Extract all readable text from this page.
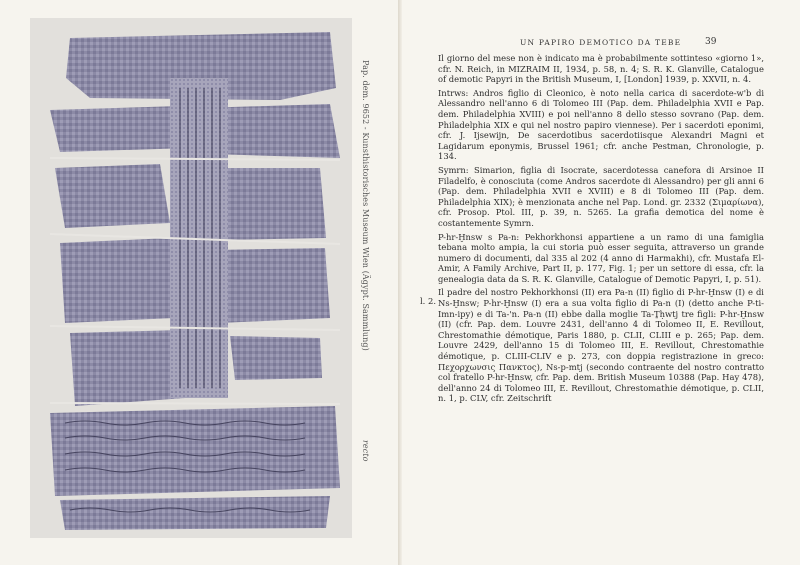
Pap. dem. 9652 - Kunsthistorisches Museum Wien (Ägypt. Sammlung)
recto
UN PAPIRO DEMOTICO DA TEBE	39
l. 2.

Il giorno del mese non è indicato ma è probabilmente sottinteso «giorno 1», cfr. N. Reich, in MIZRAIM II, 1934, p. 58, n. 4; S. R. K. Glanville, Catalogue of demotic Papyri in the British Museum, I, [London] 1939, p. XXVII, n. 4.

Intrws: Andros figlio di Cleonico, è noto nella carica di sacerdote-w'b di Alessandro nell'anno 6 di Tolomeo III (Pap. dem. Philadelphia XVII e Pap. dem. Philadelphia XVIII) e poi nell'anno 8 dello stesso sovrano (Pap. dem. Philadelphia XIX e qui nel nostro papiro viennese). Per i sacerdoti eponimi, cfr. J. Ijsewijn, De sacerdotibus sacerdotiisque Alexandri Magni et Lagidarum eponymis, Brussel 1961; cfr. anche Pestman, Chronologie, p. 134.

Symrn: Simarion, figlia di Isocrate, sacerdotessa canefora di Arsinoe II Filadelfo, è conosciuta (come Andros sacerdote di Alessandro) per gli anni 6 (Pap. dem. Philadelphia XVII e XVIII) e 8 di Tolomeo III (Pap. dem. Philadelphia XIX); è menzionata anche nel Pap. Lond. gr. 2332 (Σιμαρίωνα), cfr. Prosop. Ptol. III, p. 39, n. 5265. La grafia demotica del nome è costantemente Symrn.

P-hr-Ḫnsw s Pa-n: Pekhorkhonsi appartiene a un ramo di una famiglia tebana molto ampia, la cui storia può esser seguita, attraverso un grande numero di documenti, dal 335 al 202 (4 anno di Harmakhi), cfr. Mustafa El-Amir, A Family Archive, Part II, p. 177, Fig. 1; per un settore di essa, cfr. la genealogia data da S. R. K. Glanville, Catalogue of Demotic Papyri, I, p. 51).

Il padre del nostro Pekhorkhonsi (II) era Pa-n (II) figlio di P-hr-Ḫnsw (I) e di Ns-Ḫnsw; P-hr-Ḫnsw (I) era a sua volta figlio di Pa-n (I) (detto anche P-ti-Imn-ipy) e di Ta-'n. Pa-n (II) ebbe dalla moglie Ta-Ṯḥwtj tre figli: P-hr-Ḫnsw (II) (cfr. Pap. dem. Louvre 2431, dell'anno 4 di Tolomeo II, E. Revillout, Chrestomathie démotique, Paris 1880, p. CLII, CLIII e p. 265; Pap. dem. Louvre 2429, dell'anno 15 di Tolomeo III, E. Revillout, Chrestomathie démotique, p. CLIII-CLIV e p. 273, con doppia registrazione in greco: Πεχορχωνσις Πανκτος), Ns-p-mtj (secondo contraente del nostro contratto col fratello P-hr-Ḫnsw, cfr. Pap. dem. British Museum 10388 (Pap. Hay 478), dell'anno 24 di Tolomeo III, E. Revillout, Chrestomathie démotique, p. CLII, n. 1, p. CLV, cfr. Zeitschrift
